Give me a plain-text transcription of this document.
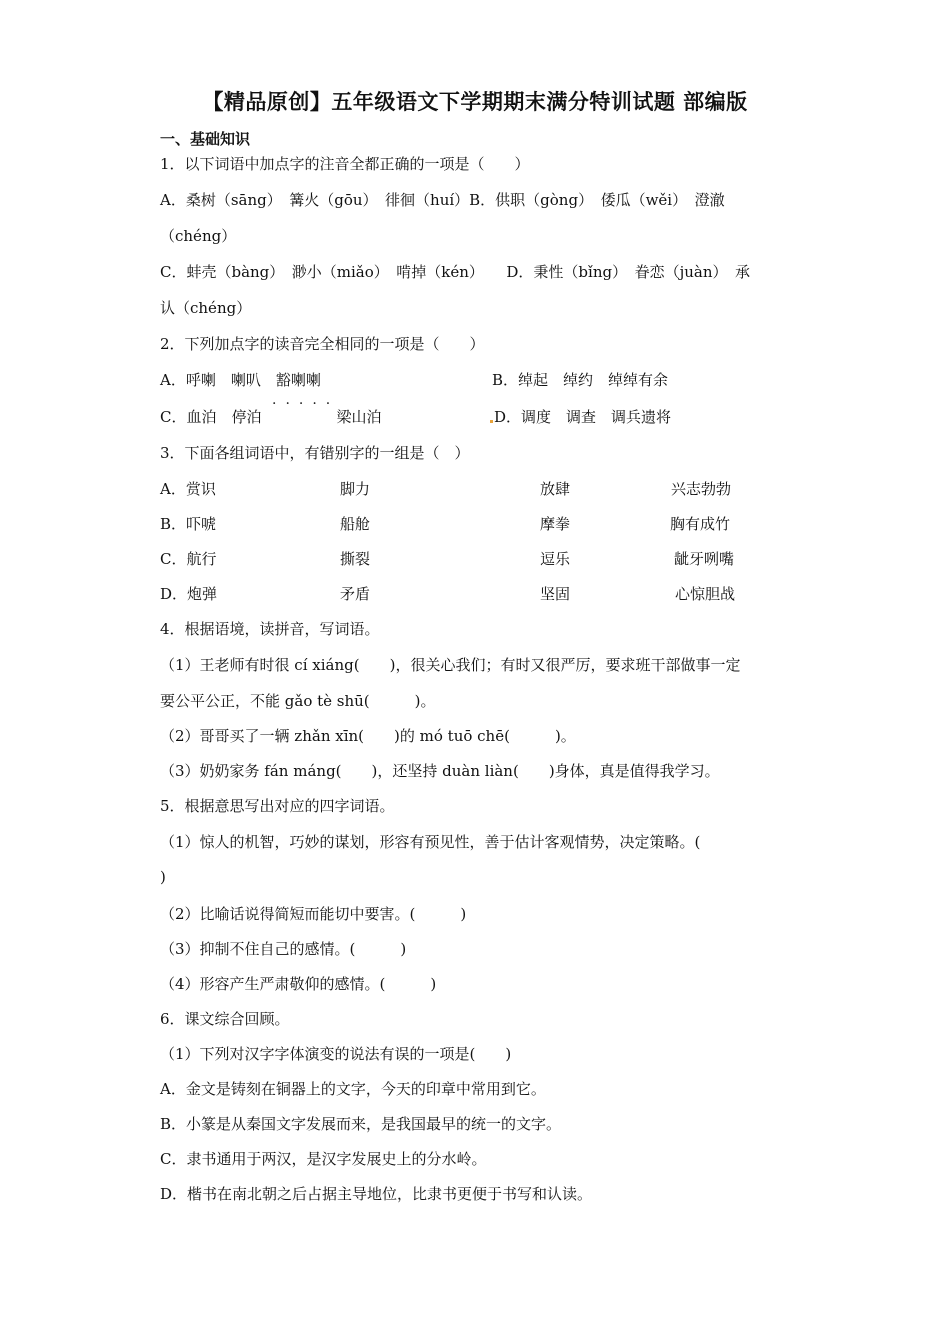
【精品原创】五年级语文下学期期末满分特训试题 部编版
一、基础知识
1．以下词语中加点字的注音全都正确的一项是（　　）
A．桑树（sāng）　篝火（gōu）　徘徊（huí）B．供职（gòng）　倭瓜（wěi）　澄澈
（chéng）
C．蚌壳（bàng）　渺小（miǎo）　啃掉（kén）　　D．秉性（bǐng）　眷恋（juàn）　承
认（chéng）
2．下列加点字的读音完全相同的一项是（　　）
A．呼喇　喇叭　豁喇喇	B．绰起　绰约　绰绰有余
·····
C．血泊　停泊　　　　　梁山泊	D．调度　调查　调兵遗将
3．下面各组词语中，有错别字的一组是（　）
A．赏识	脚力	放肆	兴志勃勃
B．吓唬	船舱	摩拳	胸有成竹
C．航行	撕裂	逗乐	龇牙咧嘴
D．炮弹	矛盾	坚固	心惊胆战
4．根据语境，读拼音，写词语。
（1）王老师有时很 cí xiáng(　　)，很关心我们；有时又很严厉，要求班干部做事一定
要公平公正，不能 gǎo tè shū(　　　)。
（2）哥哥买了一辆 zhǎn xīn(　　)的 mó tuō chē(　　　)。
（3）奶奶家务 fán máng(　　)，还坚持 duàn liàn(　　)身体，真是值得我学习。
5．根据意思写出对应的四字词语。
（1）惊人的机智，巧妙的谋划，形容有预见性，善于估计客观情势，决定策略。(
)
（2）比喻话说得简短而能切中要害。(　　　)
（3）抑制不住自己的感情。(　　　)
（4）形容产生严肃敬仰的感情。(　　　)
6．课文综合回顾。
（1）下列对汉字字体演变的说法有误的一项是(　　)
A．金文是铸刻在铜器上的文字，今天的印章中常用到它。
B．小篆是从秦国文字发展而来，是我国最早的统一的文字。
C．隶书通用于两汉，是汉字发展史上的分水岭。
D．楷书在南北朝之后占据主导地位，比隶书更便于书写和认读。
